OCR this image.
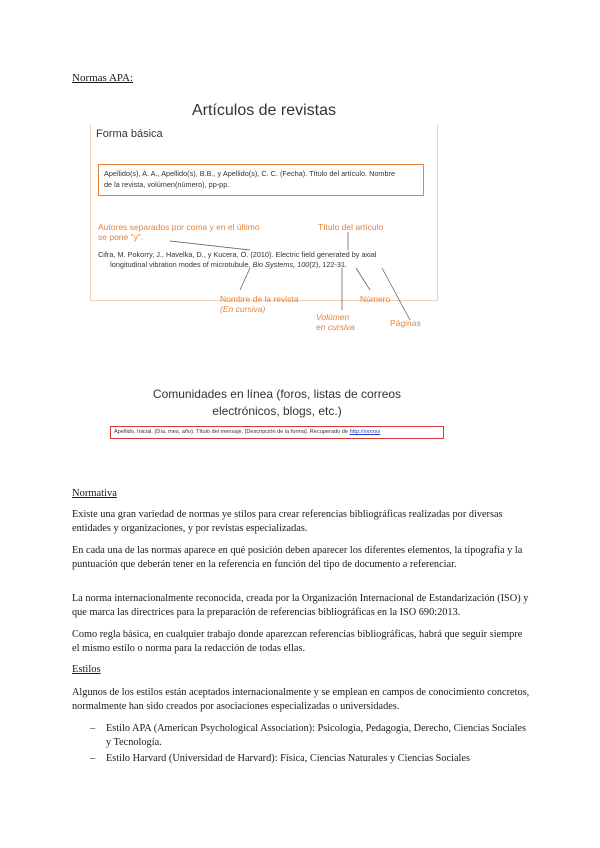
Normas APA:
Artículos de revistas
Forma básica
Apellido(s), A. A., Apellido(s), B.B., y Apellido(s), C. C. (Fecha). Título del artículo. Nombre
de la revista, volúmen(número), pp-pp.
Autores separados por coma y en el último
se pone "y".
Título del artículo
Cifra, M. Pokorry, J., Havelka, D., y Kucera, O. (2010). Electric field generated by axial
longitudinal vibration modes of microtubule. Bio Systems, 100(2), 122-31.
Nombre de la revista
(En cursiva)
Volúmen
en cursiva
Número
Páginas
Comunidades en línea (foros, listas de correos
electrónicos, blogs, etc.)
Apellido, Inicial. (Día, mes, año). Título del mensaje. [Descripción de la forma]. Recuperado de http://xxxxxx
Normativa
Existe una gran variedad de normas ye stilos para crear referencias bibliográficas realizadas por diversas entidades y organizaciones, y por revistas especializadas.
En cada una de las normas aparece en qué posición deben aparecer los diferentes elementos, la tipografía y la puntuación que deberán tener en la referencia en función del tipo de documento a referenciar.
La norma internacionalmente reconocida, creada por la Organización Internacional de Estandarización (ISO) y que marca las directrices para la preparación de referencias bibliográficas en la ISO 690:2013.
Como regla básica, en cualquier trabajo donde aparezcan referencias bibliográficas, habrá que seguir siempre el mismo estilo o norma para la redacción de todas ellas.
Estilos
Algunos de los estilos están aceptados internacionalmente y se emplean en campos de conocimiento concretos, normalmente han sido creados por asociaciones especializadas o universidades.
– Estilo APA (American Psychological Association): Psicología, Pedagogía, Derecho, Ciencias Sociales y Tecnología.
– Estilo Harvard (Universidad de Harvard): Física, Ciencias Naturales y Ciencias Sociales
